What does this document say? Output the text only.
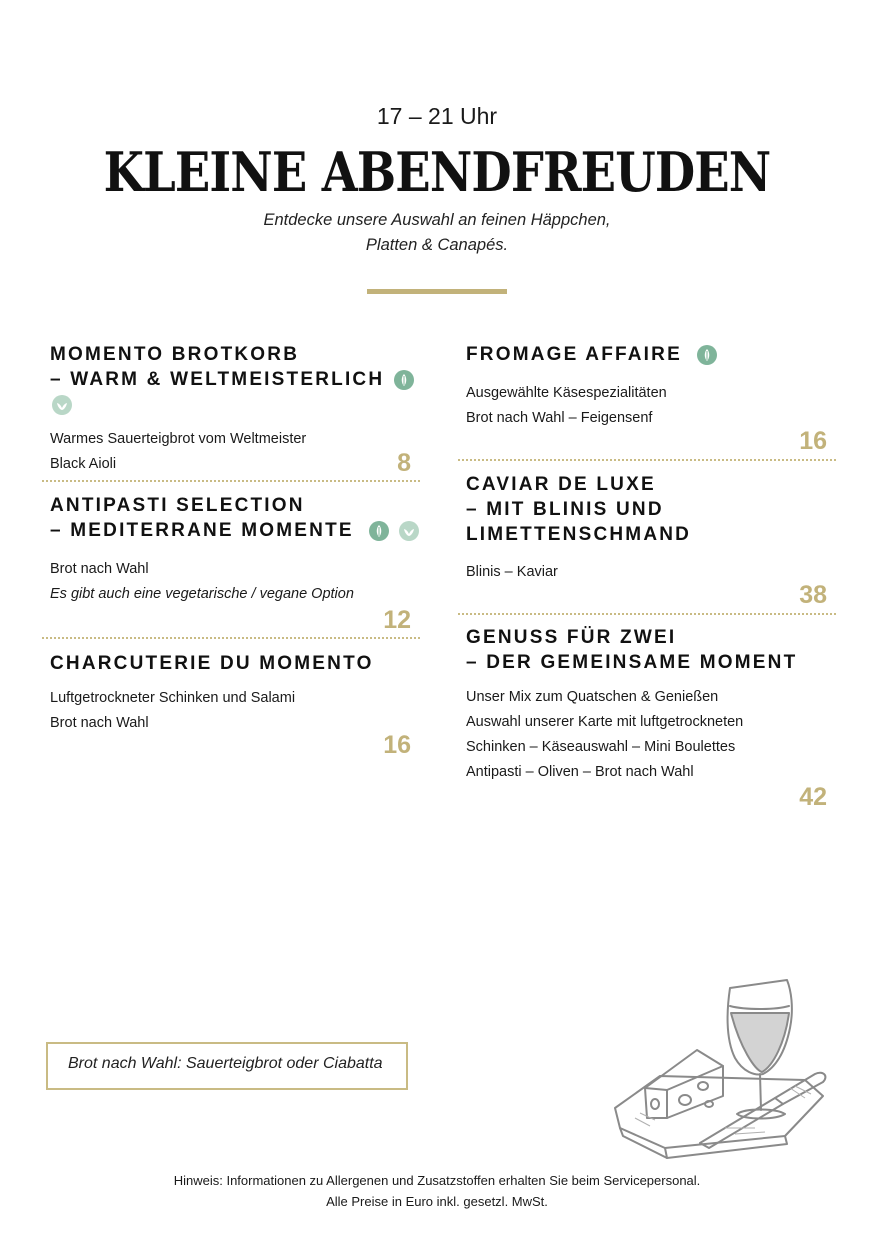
17 – 21 Uhr
KLEINE ABENDFREUDEN
Entdecke unsere Auswahl an feinen Häppchen,
Platten & Canapés.
MOMENTO BROTKORB
– WARM & WELTMEISTERLICH

Warmes Sauerteigbrot vom Weltmeister
Black Aioli	8
ANTIPASTI SELECTION
– MEDITERRANE MOMENTE

Brot nach Wahl
Es gibt auch eine vegetarische / vegane Option
12
CHARCUTERIE DU MOMENTO
Luftgetrockneter Schinken und Salami
Brot nach Wahl
16
FROMAGE AFFAIRE
Ausgewählte Käsespezialitäten
Brot nach Wahl – Feigensenf
16
CAVIAR DE LUXE
– MIT BLINIS UND
LIMETTENSCHMAND
Blinis – Kaviar
38
GENUSS FÜR ZWEI
– DER GEMEINSAME MOMENT
Unser Mix zum Quatschen & Genießen
Auswahl unserer Karte mit luftgetrockneten
Schinken – Käseauswahl – Mini Boulettes
Antipasti – Oliven – Brot nach Wahl
42
Brot nach Wahl: Sauerteigbrot oder Ciabatta
Hinweis: Informationen zu Allergenen und Zusatzstoffen erhalten Sie beim Servicepersonal.
Alle Preise in Euro inkl. gesetzl. MwSt.
